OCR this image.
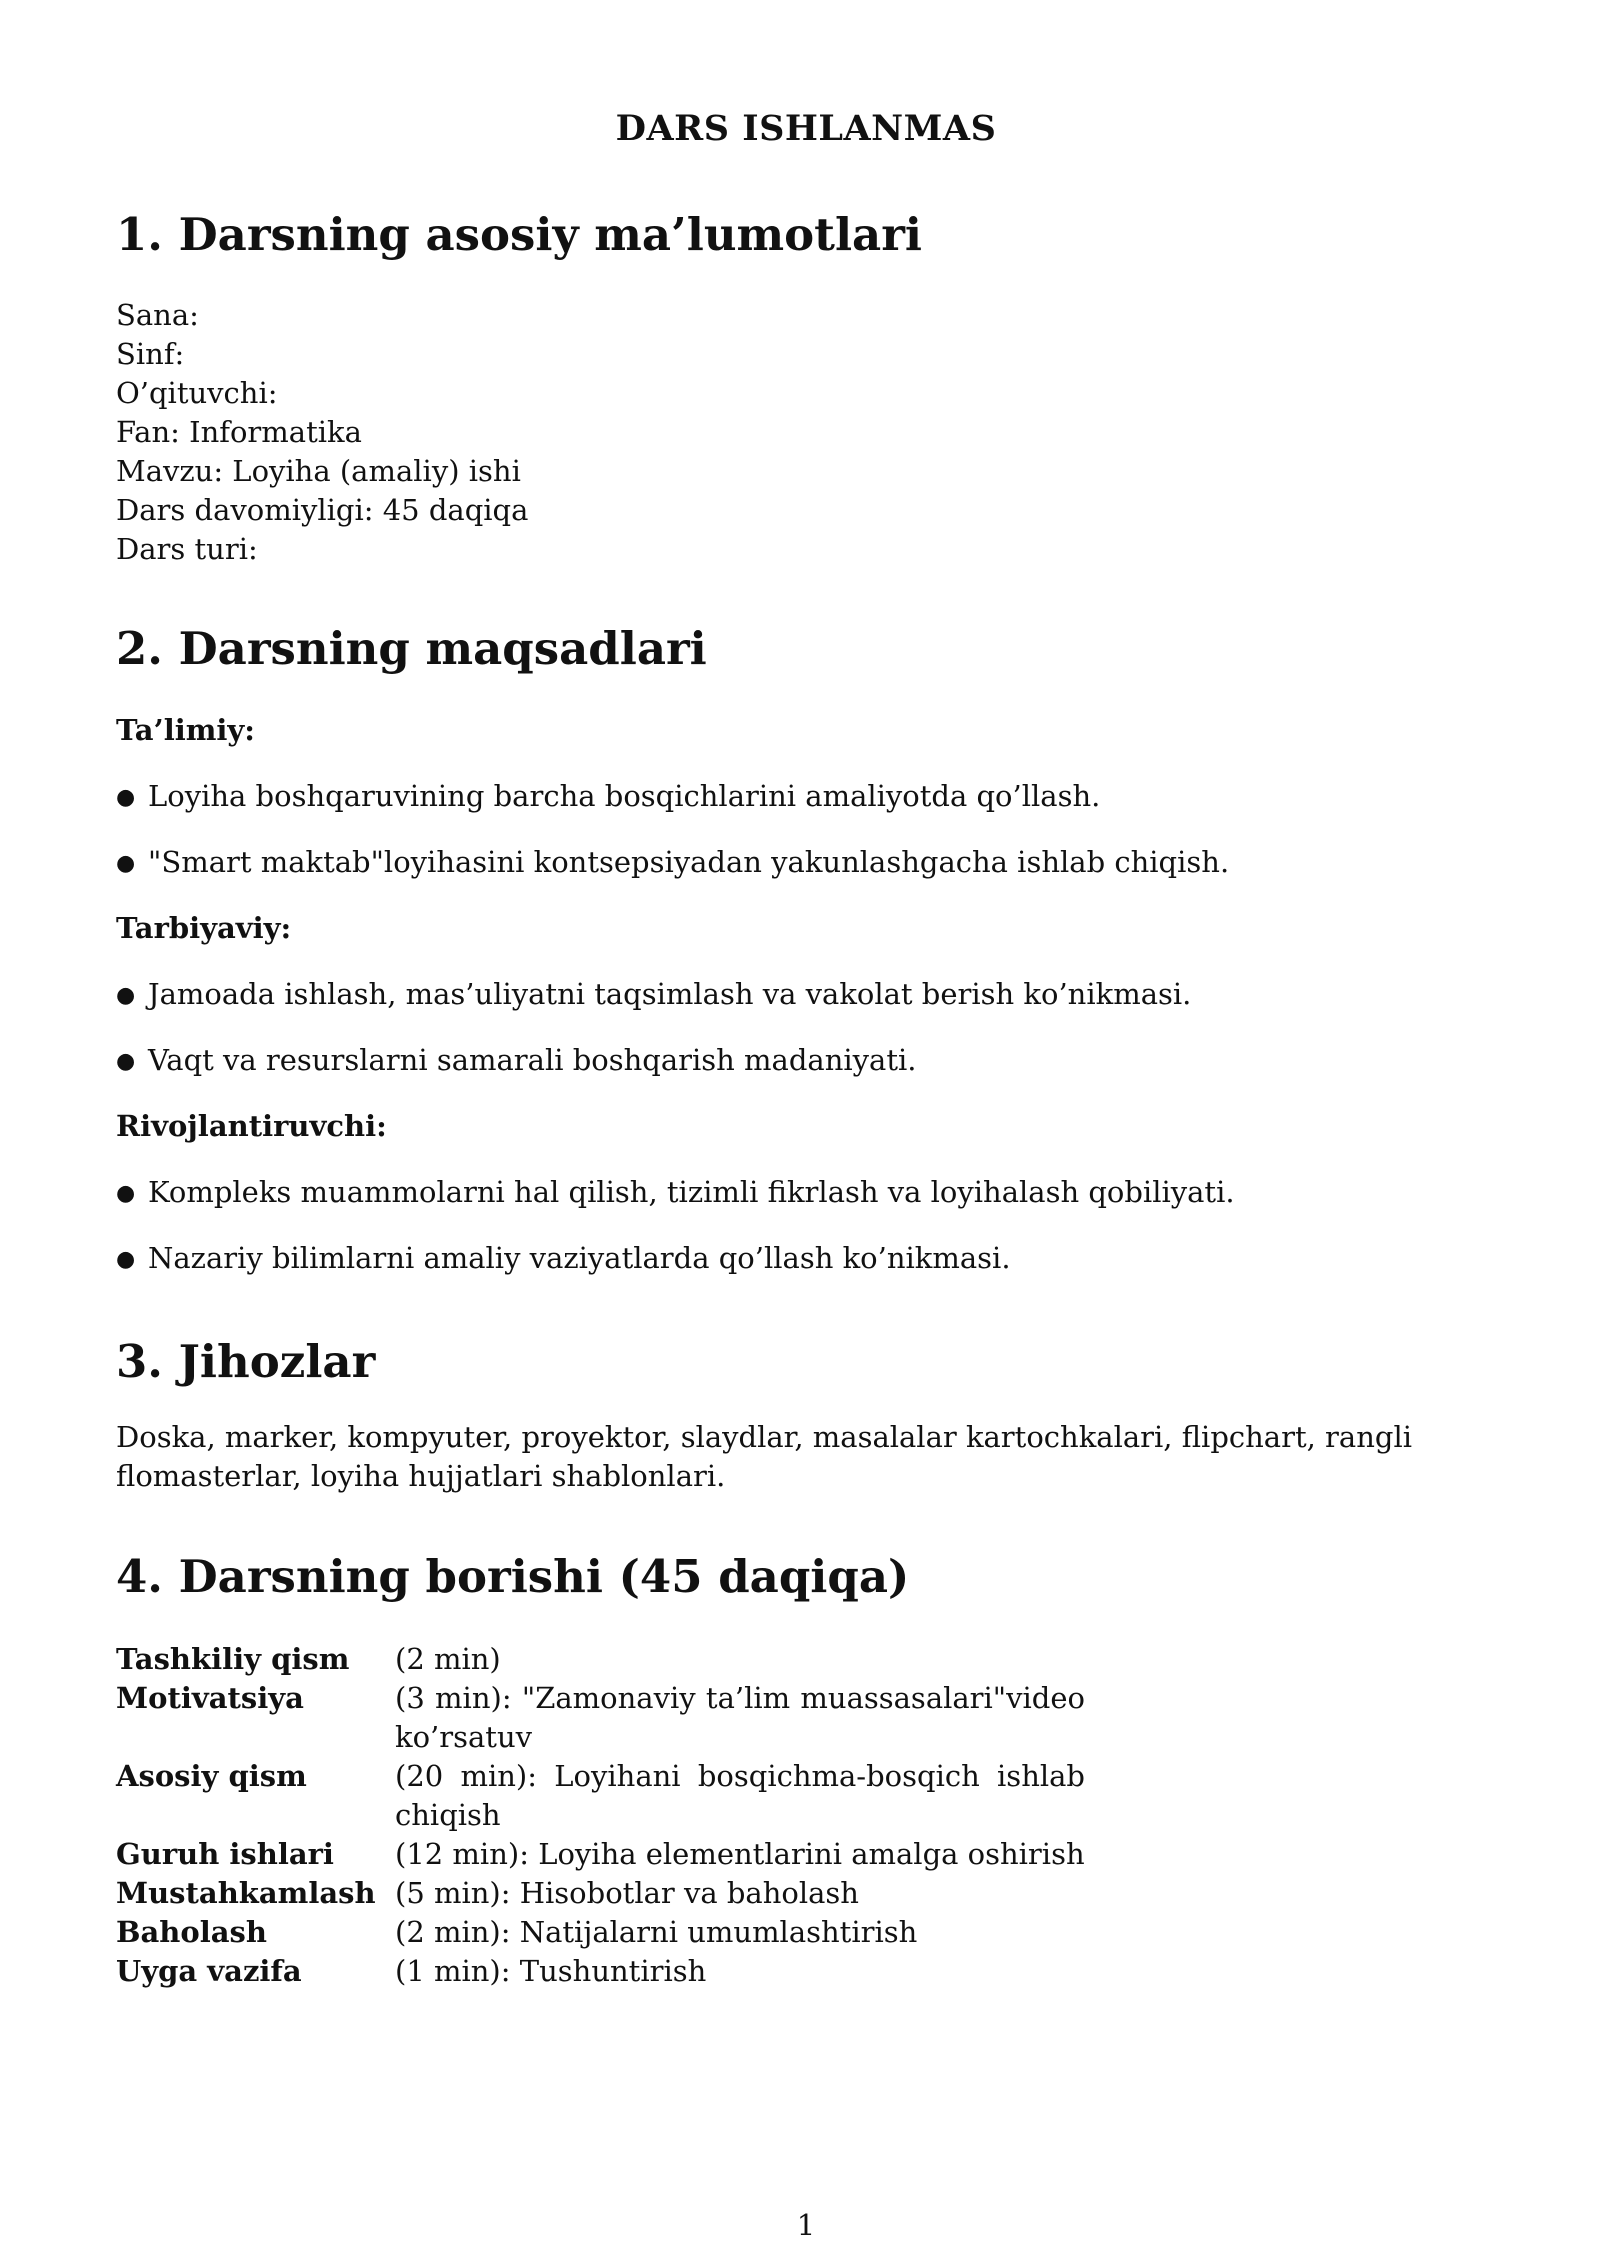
DARS ISHLANMAS
1. Darsning asosiy ma’lumotlari
Sana:
Sinf:
O’qituvchi:
Fan: Informatika
Mavzu: Loyiha (amaliy) ishi
Dars davomiyligi: 45 daqiqa
Dars turi:
2. Darsning maqsadlari
Ta’limiy:
● Loyiha boshqaruvining barcha bosqichlarini amaliyotda qo’llash.
● "Smart maktab"loyihasini kontsepsiyadan yakunlashgacha ishlab chiqish.
Tarbiyaviy:
● Jamoada ishlash, mas’uliyatni taqsimlash va vakolat berish ko’nikmasi.
● Vaqt va resurslarni samarali boshqarish madaniyati.
Rivojlantiruvchi:
● Kompleks muammolarni hal qilish, tizimli fikrlash va loyihalash qobiliyati.
● Nazariy bilimlarni amaliy vaziyatlarda qo’llash ko’nikmasi.
3. Jihozlar
Doska, marker, kompyuter, proyektor, slaydlar, masalalar kartochkalari, flipchart, rangli flomasterlar, loyiha hujjatlari shablonlari.
4. Darsning borishi (45 daqiqa)
Tashkiliy qism	(2 min)
Motivatsiya	(3 min): "Zamonaviy ta’lim muassasalari"video ko’rsatuv
Asosiy qism	(20 min): Loyihani bosqichma-bosqich ishlab chiqish
Guruh ishlari	(12 min): Loyiha elementlarini amalga oshirish
Mustahkamlash	(5 min): Hisobotlar va baholash
Baholash	(2 min): Natijalarni umumlashtirish
Uyga vazifa	(1 min): Tushuntirish
1
